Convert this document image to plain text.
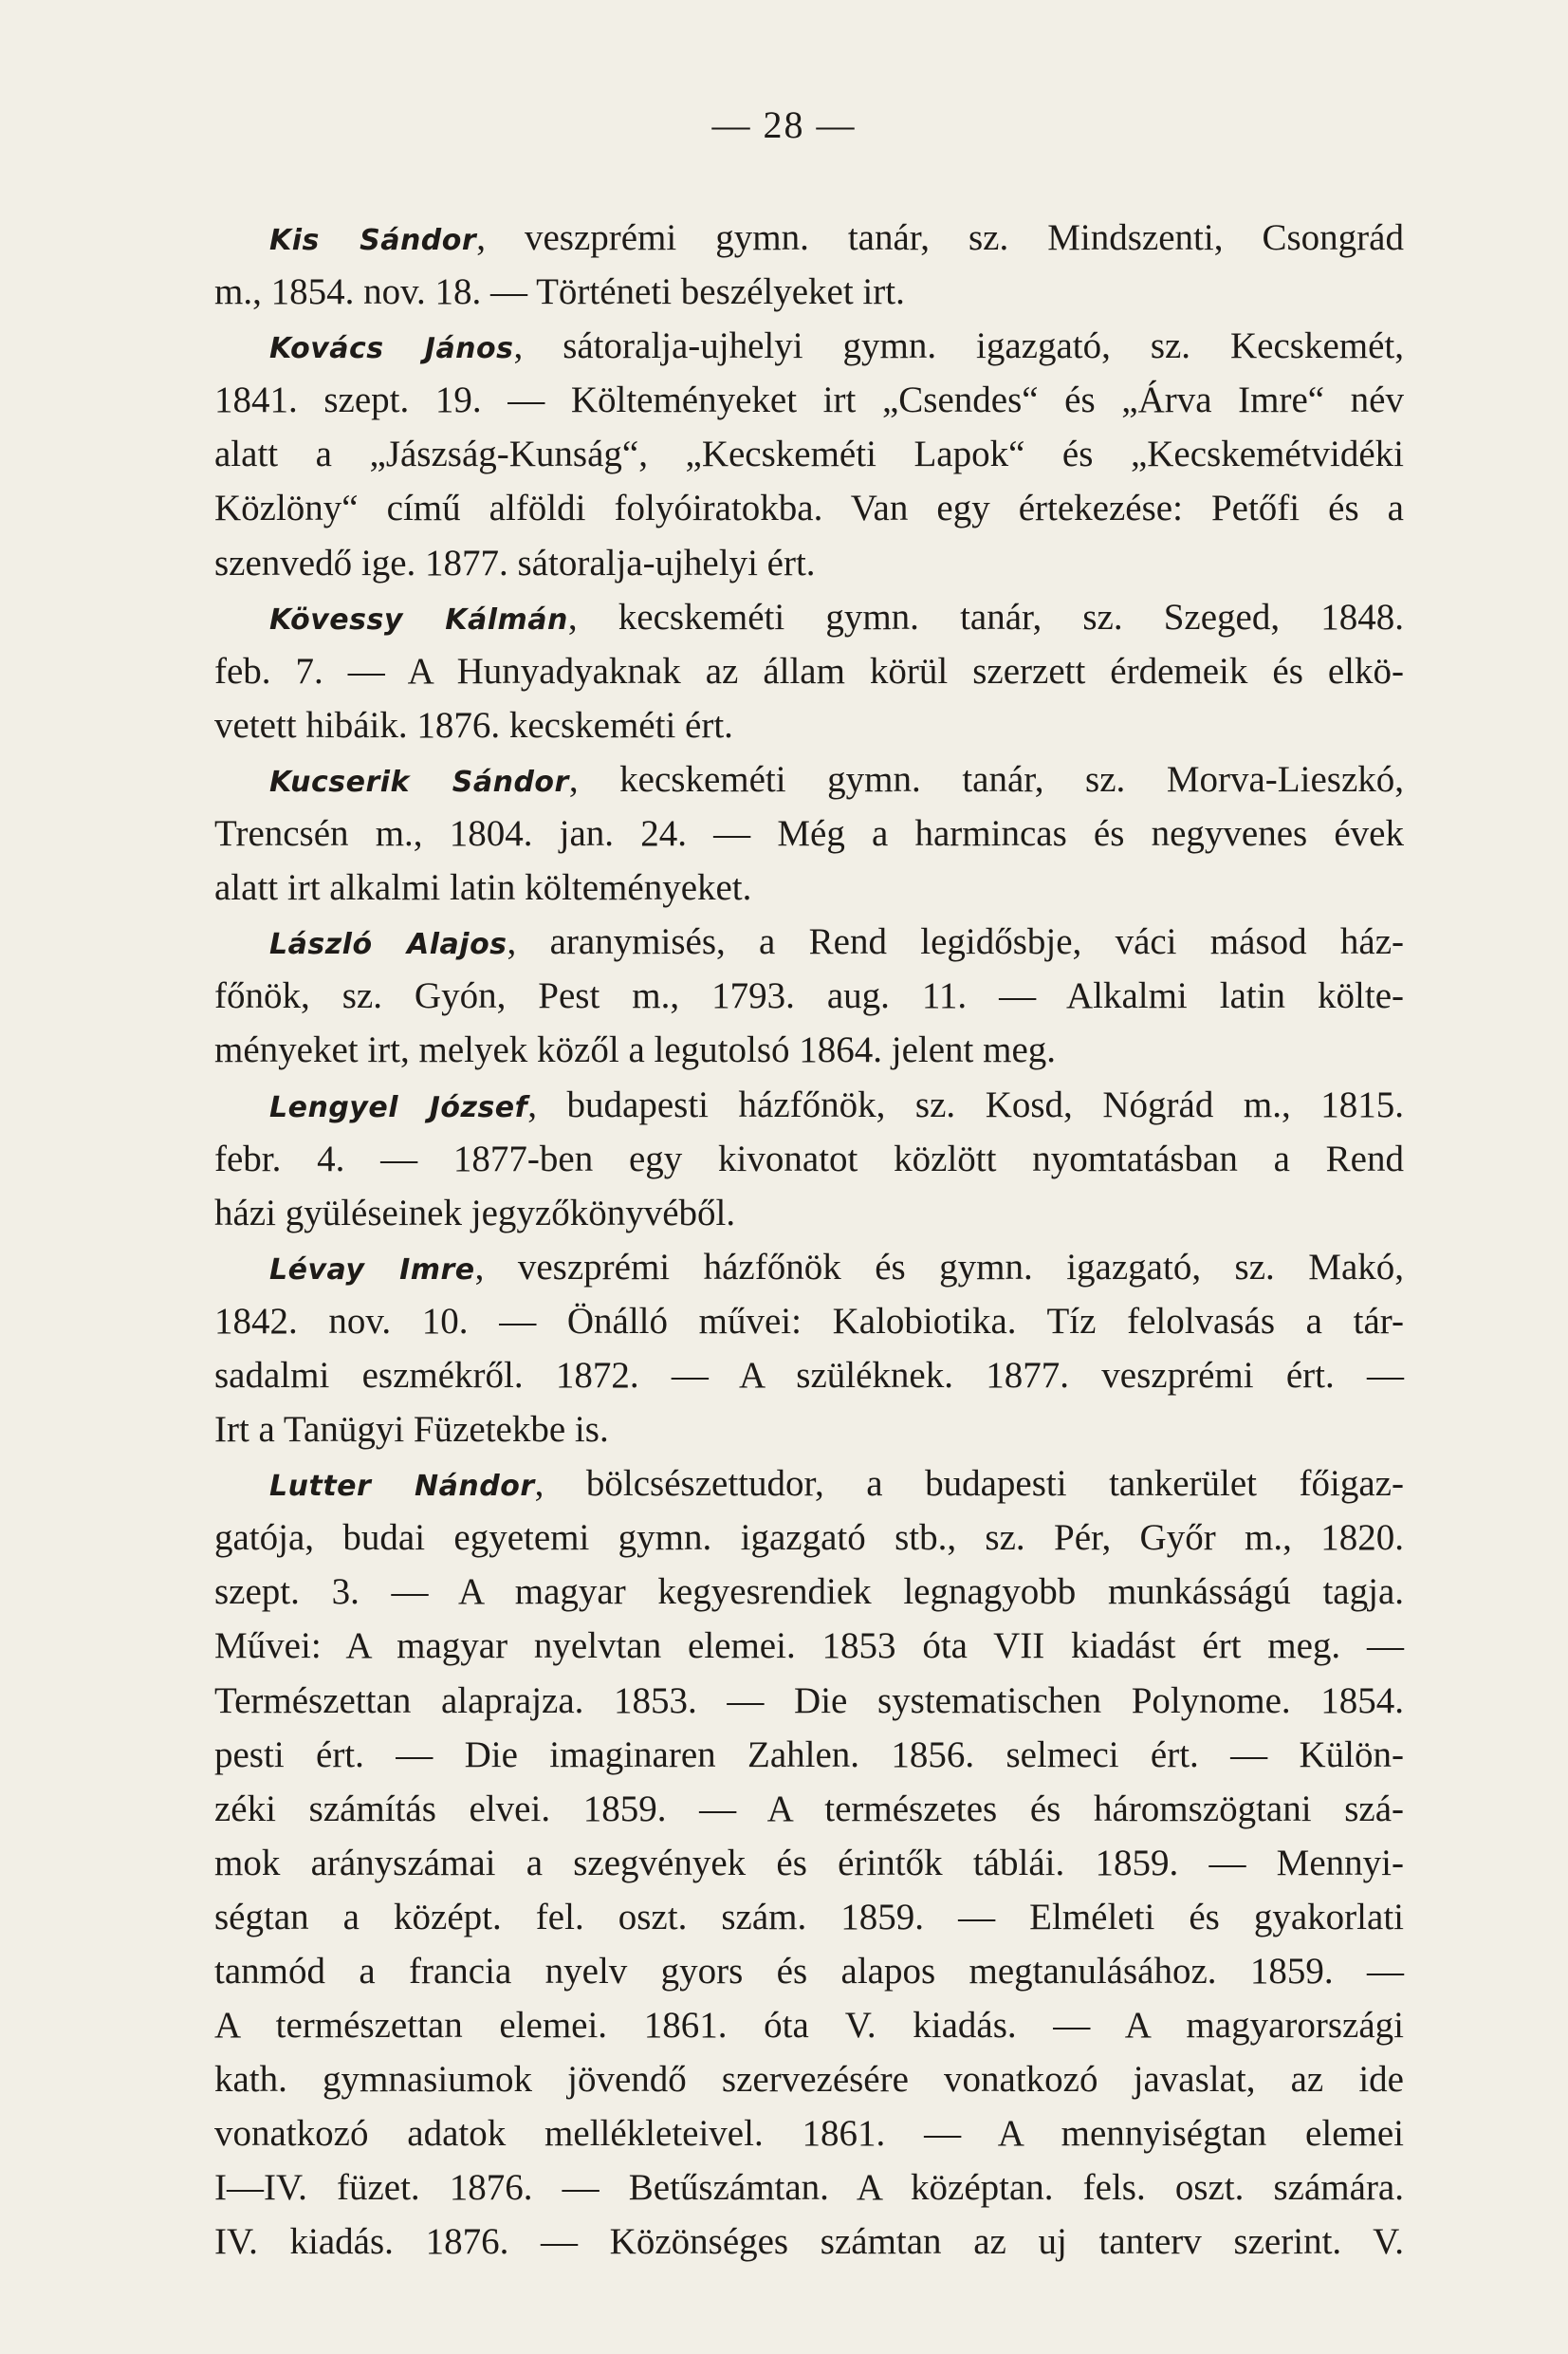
— 28 —
Kis Sándor, veszprémi gymn. tanár, sz. Mindszenti, Csongrád
m., 1854. nov. 18. — Történeti beszélyeket irt.
Kovács János, sátoralja-ujhelyi gymn. igazgató, sz. Kecskemét,
1841. szept. 19. — Költeményeket irt „Csendes“ és „Árva Imre“ név
alatt a „Jászság-Kunság“, „Kecskeméti Lapok“ és „Kecskemétvidéki
Közlöny“ című alföldi folyóiratokba. Van egy értekezése: Petőfi és a
szenvedő ige. 1877. sátoralja-ujhelyi ért.
Kövessy Kálmán, kecskeméti gymn. tanár, sz. Szeged, 1848.
feb. 7. — A Hunyadyaknak az állam körül szerzett érdemeik és elkö-
vetett hibáik. 1876. kecskeméti ért.
Kucserik Sándor, kecskeméti gymn. tanár, sz. Morva-Lieszkó,
Trencsén m., 1804. jan. 24. — Még a harmincas és negyvenes évek
alatt irt alkalmi latin költeményeket.
László Alajos, aranymisés, a Rend legidősbje, váci másod ház-
főnök, sz. Gyón, Pest m., 1793. aug. 11. — Alkalmi latin költe-
ményeket irt, melyek közől a legutolsó 1864. jelent meg.
Lengyel József, budapesti házfőnök, sz. Kosd, Nógrád m., 1815.
febr. 4. — 1877-ben egy kivonatot közlött nyomtatásban a Rend
házi gyüléseinek jegyzőkönyvéből.
Lévay Imre, veszprémi házfőnök és gymn. igazgató, sz. Makó,
1842. nov. 10. — Önálló művei: Kalobiotika. Tíz felolvasás a tár-
sadalmi eszmékről. 1872. — A szüléknek. 1877. veszprémi ért. —
Irt a Tanügyi Füzetekbe is.
Lutter Nándor, bölcsészettudor, a budapesti tankerület főigaz-
gatója, budai egyetemi gymn. igazgató stb., sz. Pér, Győr m., 1820.
szept. 3. — A magyar kegyesrendiek legnagyobb munkásságú tagja.
Művei: A magyar nyelvtan elemei. 1853 óta VII kiadást ért meg. —
Természettan alaprajza. 1853. — Die systematischen Polynome. 1854.
pesti ért. — Die imaginaren Zahlen. 1856. selmeci ért. — Külön-
zéki számítás elvei. 1859. — A természetes és háromszögtani szá-
mok arányszámai a szegvények és érintők táblái. 1859. — Mennyi-
ségtan a középt. fel. oszt. szám. 1859. — Elméleti és gyakorlati
tanmód a francia nyelv gyors és alapos megtanulásához. 1859. —
A természettan elemei. 1861. óta V. kiadás. — A magyarországi
kath. gymnasiumok jövendő szervezésére vonatkozó javaslat, az ide
vonatkozó adatok mellékleteivel. 1861. — A mennyiségtan elemei
I—IV. füzet. 1876. — Betűszámtan. A középtan. fels. oszt. számára.
IV. kiadás. 1876. — Közönséges számtan az uj tanterv szerint. V.
